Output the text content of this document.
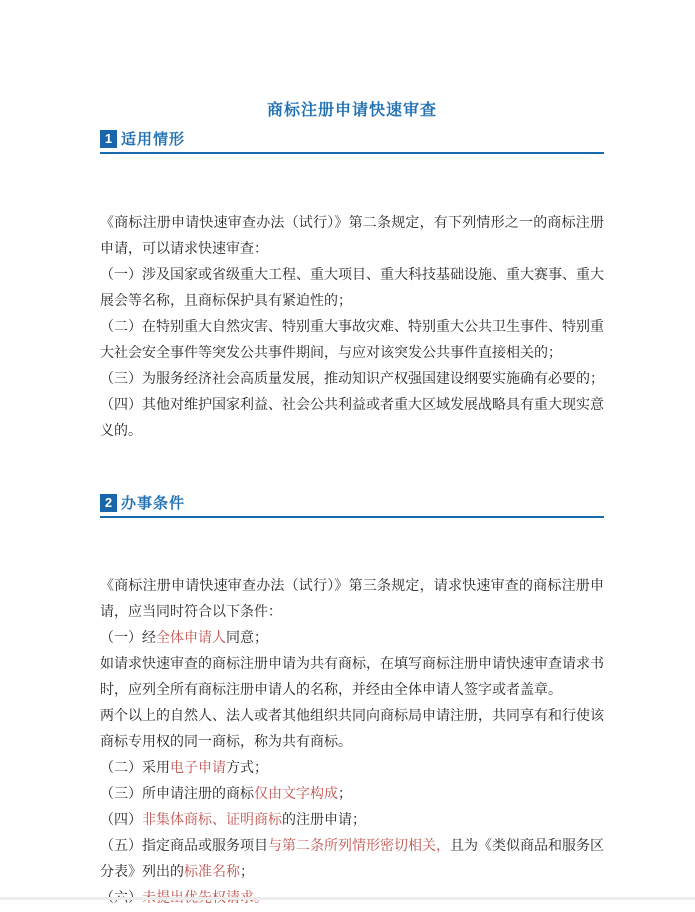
商标注册申请快速审查
1 适用情形

《商标注册申请快速审查办法（试行）》第二条规定，有下列情形之一的商标注册申请，可以请求快速审查：

（一）涉及国家或省级重大工程、重大项目、重大科技基础设施、重大赛事、重大展会等名称，且商标保护具有紧迫性的；

（二）在特别重大自然灾害、特别重大事故灾难、特别重大公共卫生事件、特别重大社会安全事件等突发公共事件期间，与应对该突发公共事件直接相关的；

（三）为服务经济社会高质量发展，推动知识产权强国建设纲要实施确有必要的；

（四）其他对维护国家利益、社会公共利益或者重大区域发展战略具有重大现实意义的。

2 办事条件

《商标注册申请快速审查办法（试行）》第三条规定，请求快速审查的商标注册申请，应当同时符合以下条件：

（一）经全体申请人同意；

如请求快速审查的商标注册申请为共有商标，在填写商标注册申请快速审查请求书时，应列全所有商标注册申请人的名称，并经由全体申请人签字或者盖章。

两个以上的自然人、法人或者其他组织共同向商标局申请注册，共同享有和行使该商标专用权的同一商标，称为共有商标。

（二）采用电子申请方式；

（三）所申请注册的商标仅由文字构成；

（四）非集体商标、证明商标的注册申请；

（五）指定商品或服务项目与第二条所列情形密切相关，且为《类似商品和服务区分表》列出的标准名称；
